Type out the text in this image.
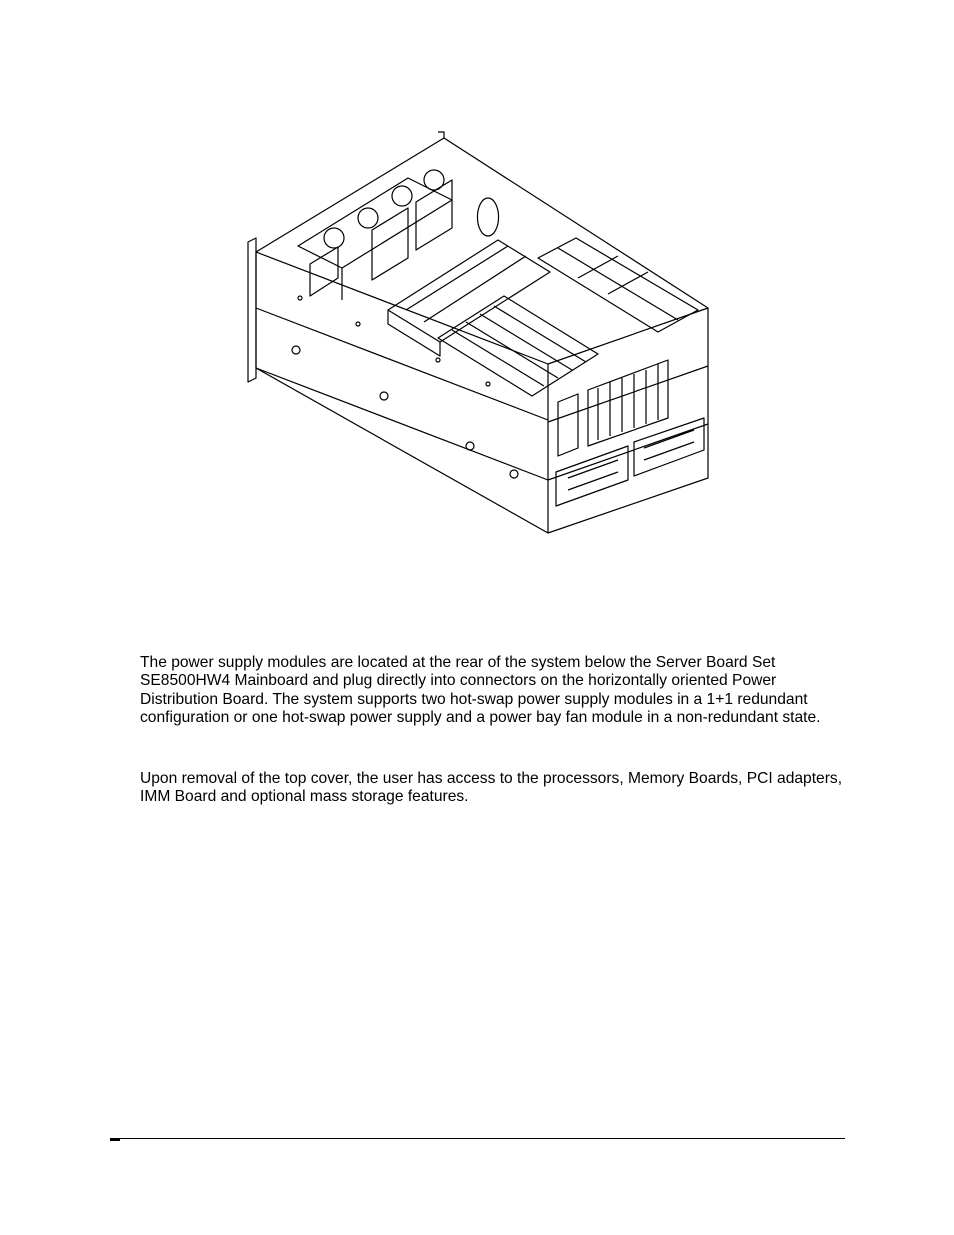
The power supply modules are located at the rear of the system below the Server Board Set SE8500HW4 Mainboard and plug directly into connectors on the horizontally oriented Power Distribution Board. The system supports two hot-swap power supply modules in a 1+1 redundant configuration or one hot-swap power supply and a power bay fan module in a non-redundant state.

Upon removal of the top cover, the user has access to the processors, Memory Boards, PCI adapters, IMM Board and optional mass storage features.
